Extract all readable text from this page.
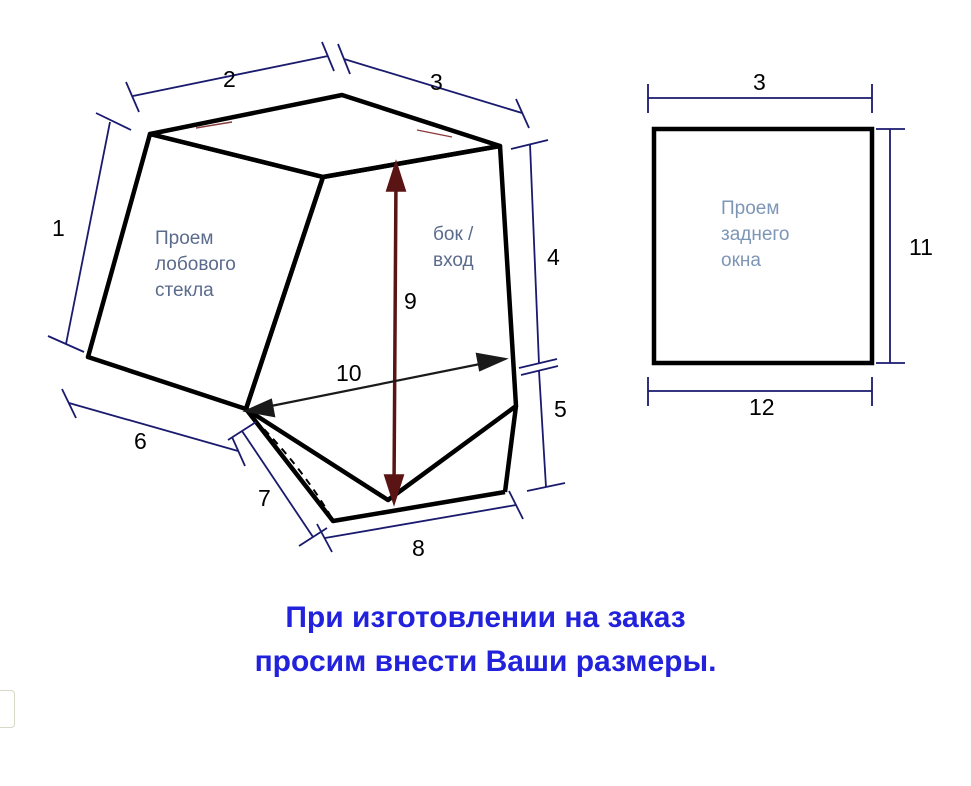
1
2	3
4
5
6
7
8
9
10
3
11
12
Проем
лобового
стекла
бок /
вход
Проем
заднего
окна
При изготовлении на заказ
просим внести Ваши размеры.
